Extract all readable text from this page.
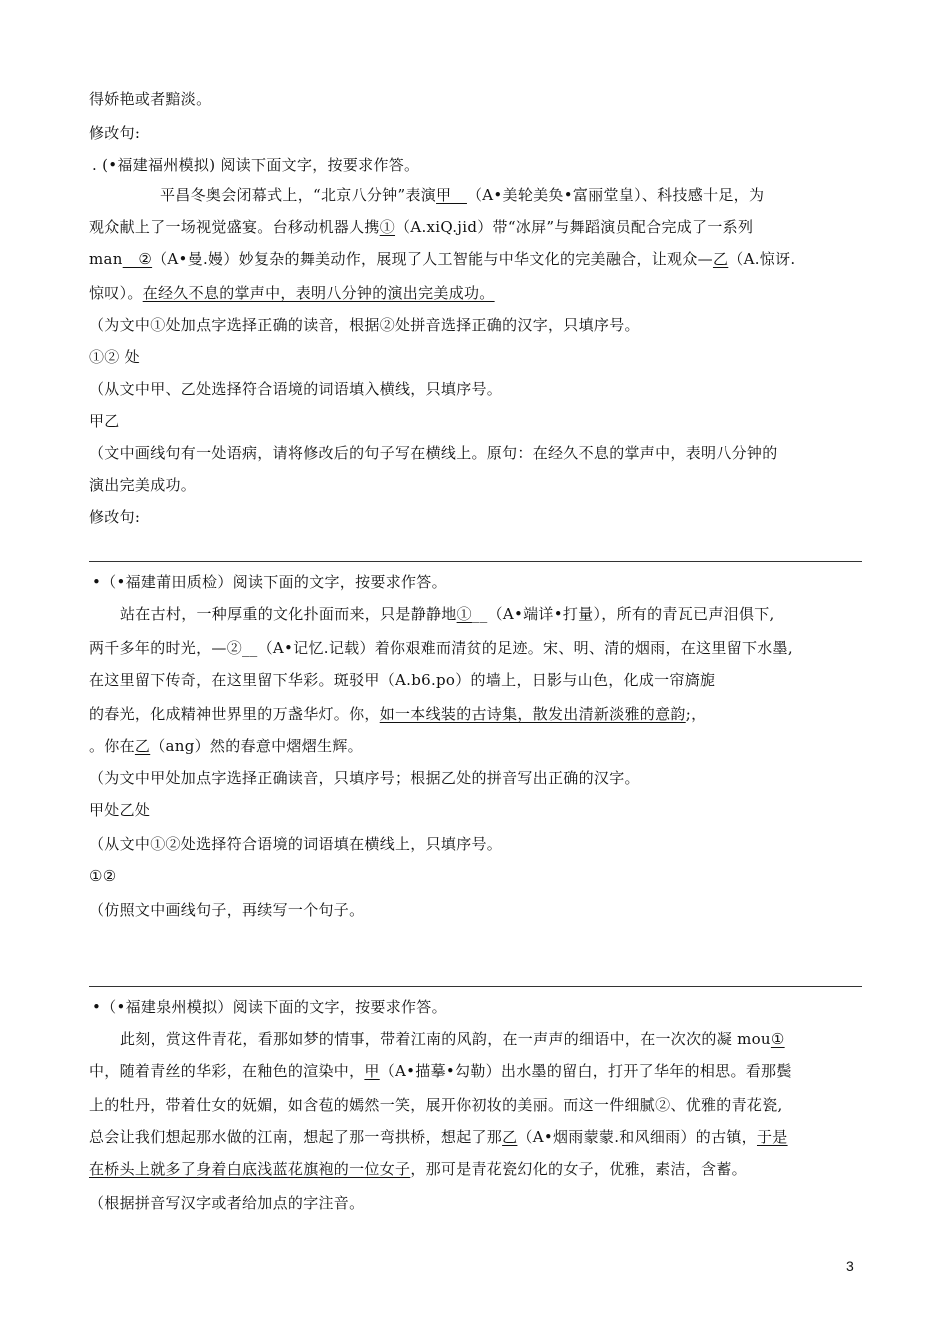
得娇艳或者黯淡。
修改句:
. (•福建福州模拟) 阅读下面文字，按要求作答。
平昌冬奥会闭幕式上，“北京八分钟”表演甲__（A•美轮美奂•富丽堂皇）、科技感十足，为
观众献上了一场视觉盛宴。台移动机器人携①（A.xiQ.jid）带“冰屏”与舞蹈演员配合完成了一系列
man__②（A•曼.嫚）妙复杂的舞美动作，展现了人工智能与中华文化的完美融合，让观众—乙（A.惊讶.
惊叹）。在经久不息的掌声中，表明八分钟的演出完美成功。
（为文中①处加点字选择正确的读音，根据②处拼音选择正确的汉字，只填序号。
①② 处
（从文中甲、乙处选择符合语境的词语填入横线，只填序号。
甲乙
（文中画线句有一处语病，请将修改后的句子写在横线上。原句：在经久不息的掌声中，表明八分钟的
演出完美成功。
修改句:
•（•福建莆田质检）阅读下面的文字，按要求作答。
站在古村，一种厚重的文化扑面而来，只是静静地①__（A•端详•打量），所有的青瓦已声泪俱下,
两千多年的时光，—②__（A•记忆.记载）着你艰难而清贫的足迹。宋、明、清的烟雨，在这里留下水墨,
在这里留下传奇，在这里留下华彩。斑驳甲（A.b6.po）的墙上，日影与山色，化成一帘旖旎
的春光，化成精神世界里的万盏华灯。你，如一本线装的古诗集，散发出清新淡雅的意韵;，
。你在乙（ang）然的春意中熠熠生辉。
（为文中甲处加点字选择正确读音，只填序号；根据乙处的拼音写出正确的汉字。
甲处乙处
（从文中①②处选择符合语境的词语填在横线上，只填序号。
①②
（仿照文中画线句子，再续写一个句子。
•（•福建泉州模拟）阅读下面的文字，按要求作答。
此刻，赏这件青花，看那如梦的情事，带着江南的风韵，在一声声的细语中，在一次次的凝 mou①
中，随着青丝的华彩，在釉色的渲染中，甲（A•描摹•勾勒）出水墨的留白，打开了华年的相思。看那鬓
上的牡丹，带着仕女的妩媚，如含苞的嫣然一笑，展开你初妆的美丽。而这一件细腻②、优雅的青花瓷,
总会让我们想起那水做的江南，想起了那一弯拱桥，想起了那乙（A•烟雨蒙蒙.和风细雨）的古镇，于是
在桥头上就多了身着白底浅蓝花旗袍的一位女子，那可是青花瓷幻化的女子，优雅，素洁，含蓄。
（根据拼音写汉字或者给加点的字注音。
3
